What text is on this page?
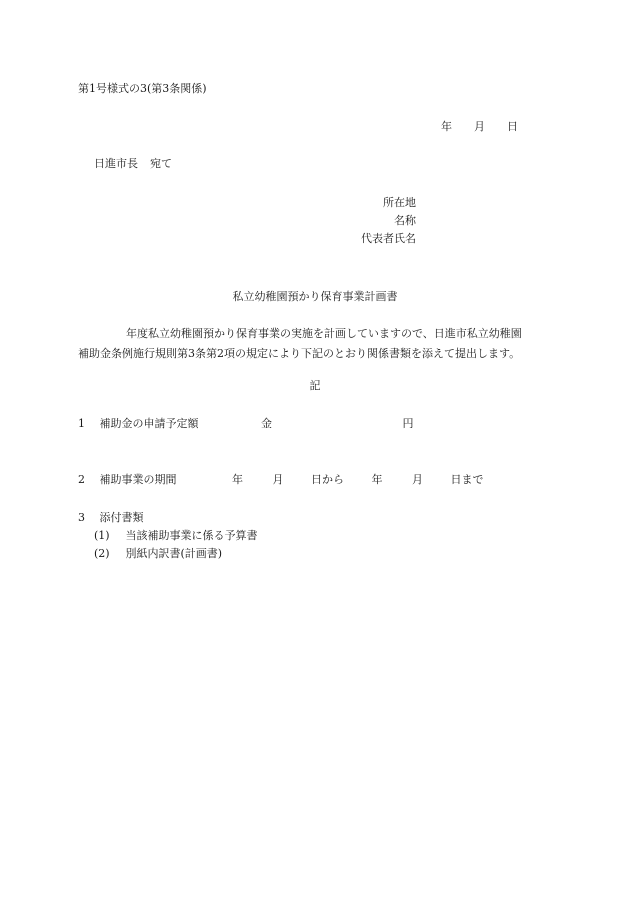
第1号様式の3(第3条関係)
年 月 日
日進市長 宛て
所在地
名称
代表者氏名
私立幼稚園預かり保育事業計画書
年度私立幼稚園預かり保育事業の実施を計画していますので、日進市私立幼稚園
補助金条例施行規則第3条第2項の規定により下記のとおり関係書類を添えて提出します。
記
1 補助金の申請予定額	金	円
2 補助事業の期間	年	月	日から	年	月	日まで
3 添付書類
(1) 当該補助事業に係る予算書
(2) 別紙内訳書(計画書)
